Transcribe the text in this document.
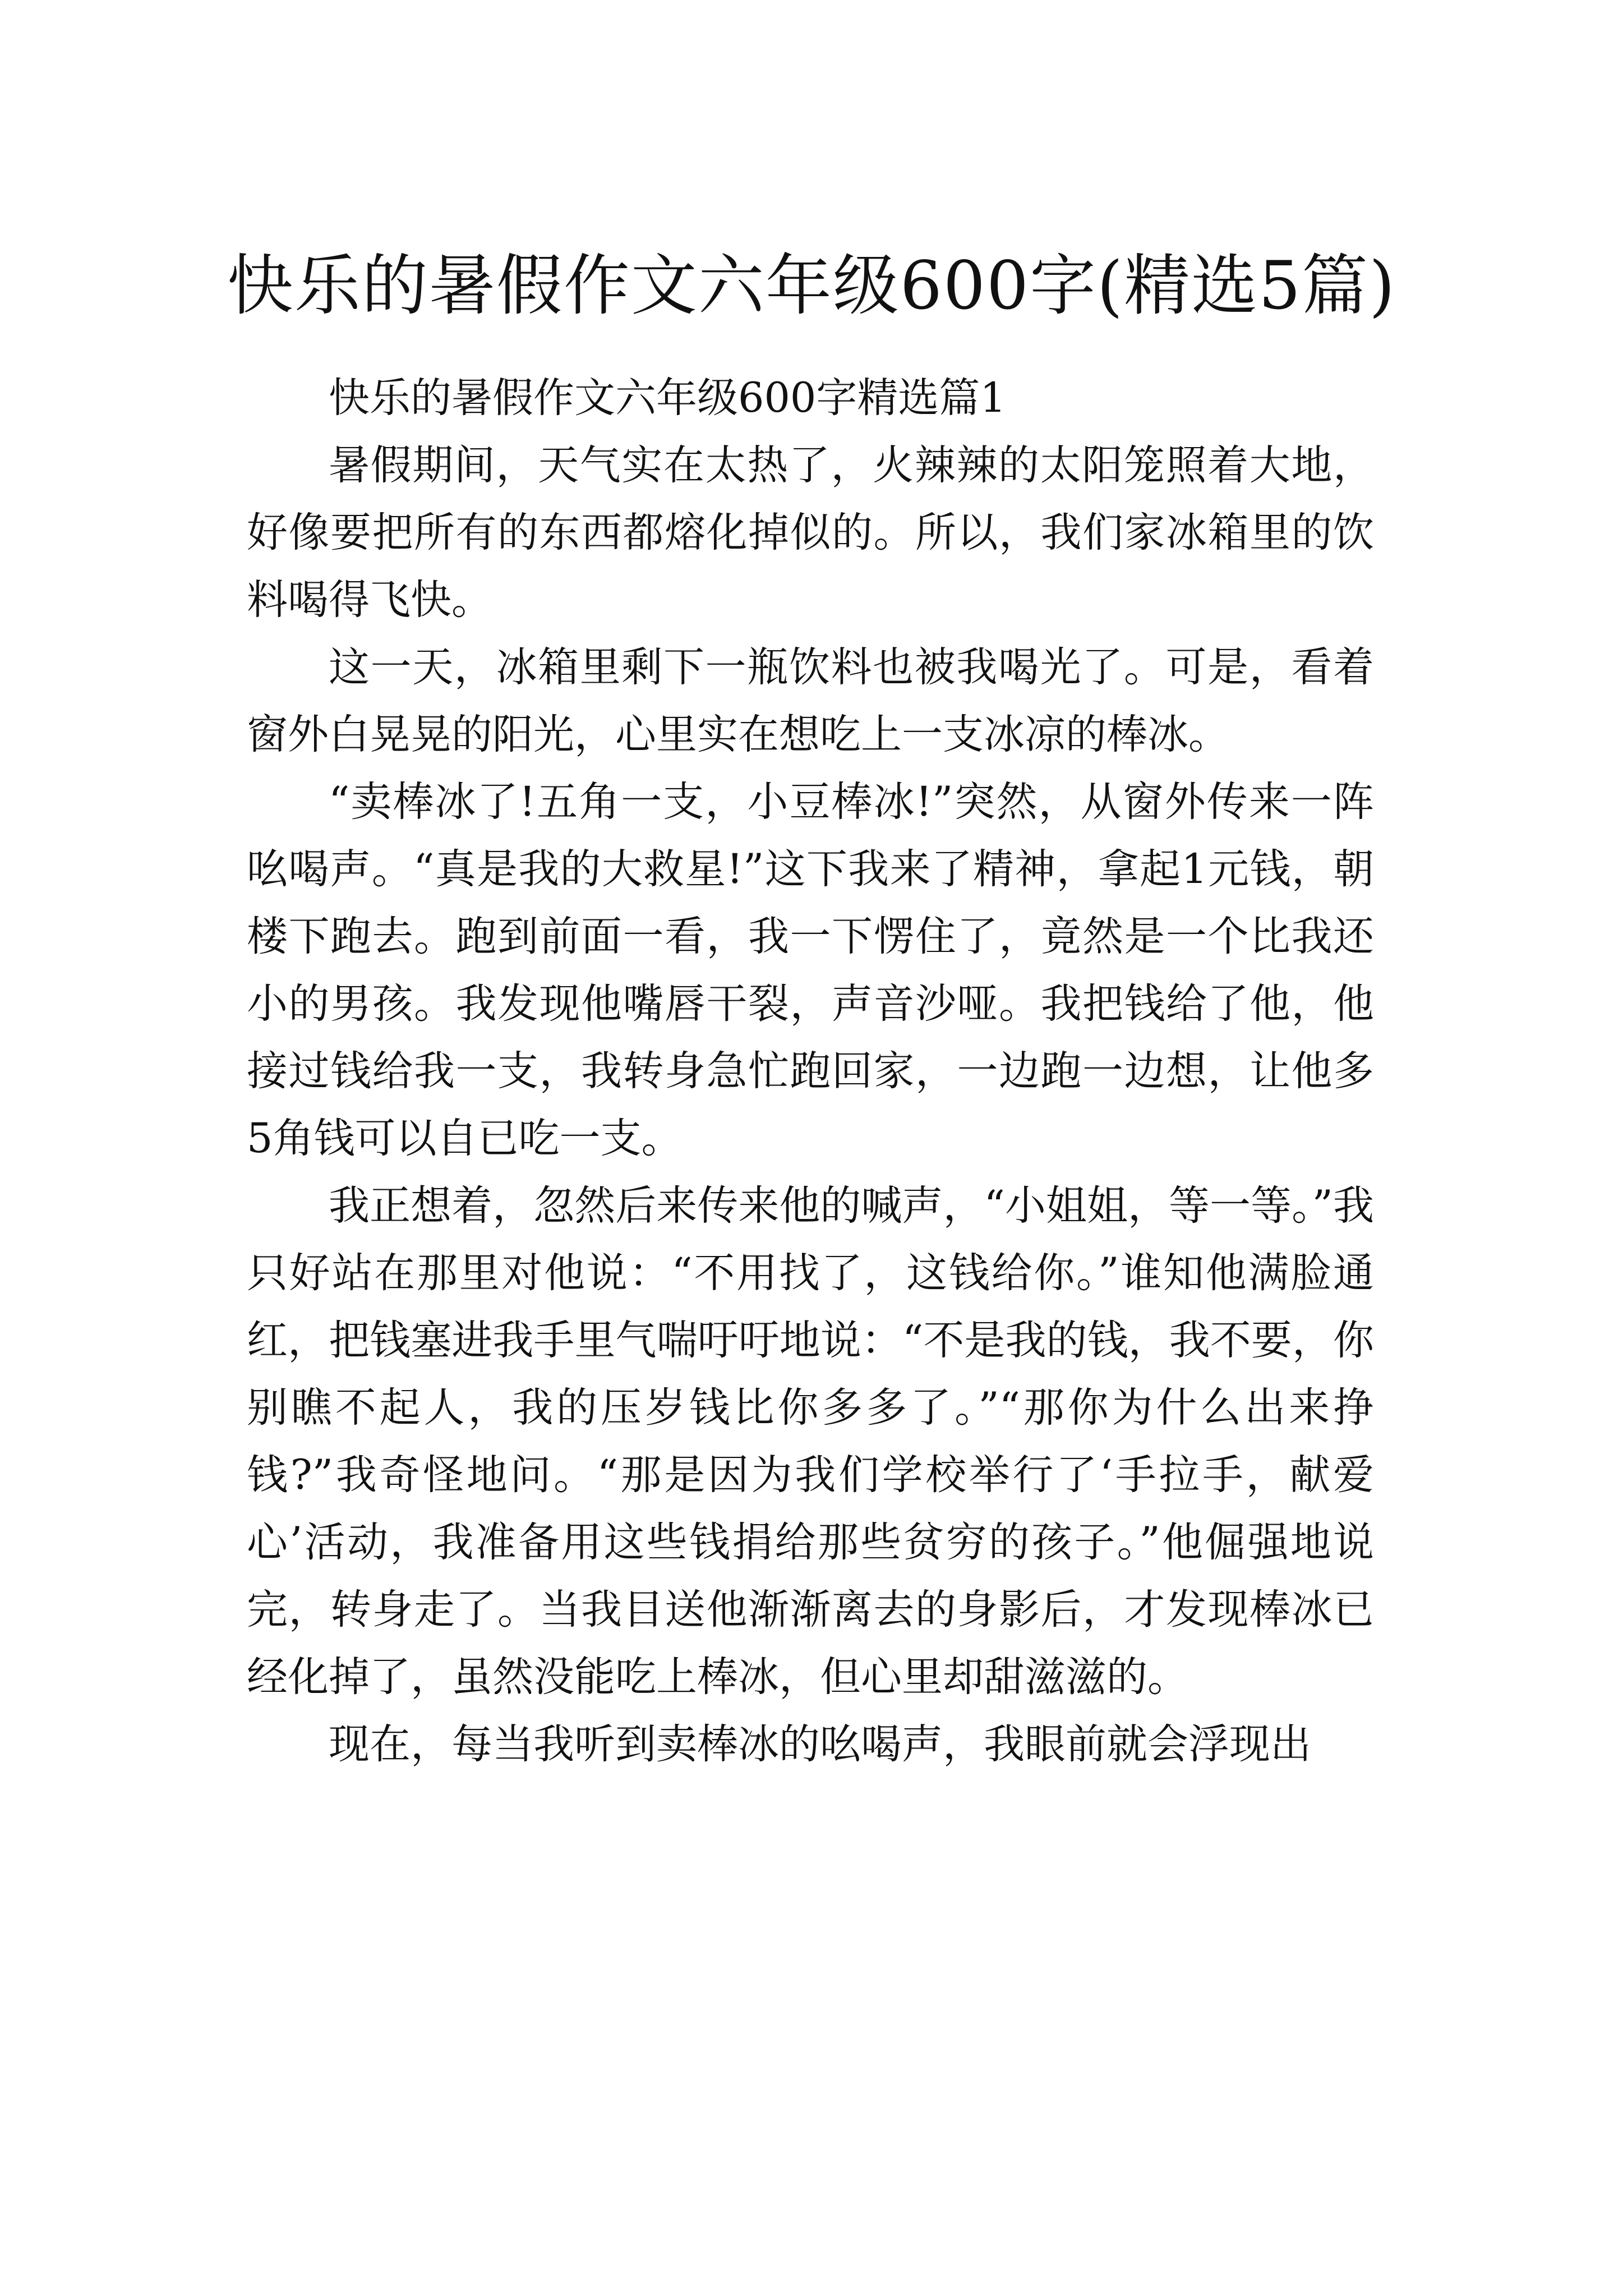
快乐的暑假作文六年级600字(精选5篇)

快乐的暑假作文六年级600字精选篇1

暑假期间，天气实在太热了，火辣辣的太阳笼照着大地，好像要把所有的东西都熔化掉似的。所以，我们家冰箱里的饮料喝得飞快。

这一天，冰箱里剩下一瓶饮料也被我喝光了。可是，看着窗外白晃晃的阳光，心里实在想吃上一支冰凉的棒冰。

“卖棒冰了!五角一支，小豆棒冰!”突然，从窗外传来一阵吆喝声。“真是我的大救星!”这下我来了精神，拿起1元钱，朝楼下跑去。跑到前面一看，我一下愣住了，竟然是一个比我还小的男孩。我发现他嘴唇干裂，声音沙哑。我把钱给了他，他接过钱给我一支，我转身急忙跑回家，一边跑一边想，让他多5角钱可以自已吃一支。

我正想着，忽然后来传来他的喊声，“小姐姐，等一等。”我只好站在那里对他说：“不用找了，这钱给你。”谁知他满脸通红，把钱塞进我手里气喘吁吁地说：“不是我的钱，我不要，你别瞧不起人，我的压岁钱比你多多了。”“那你为什么出来挣钱?”我奇怪地问。“那是因为我们学校举行了‘手拉手，献爱心’活动，我准备用这些钱捐给那些贫穷的孩子。”他倔强地说完，转身走了。当我目送他渐渐离去的身影后，才发现棒冰已经化掉了，虽然没能吃上棒冰，但心里却甜滋滋的。

现在，每当我听到卖棒冰的吆喝声，我眼前就会浮现出
